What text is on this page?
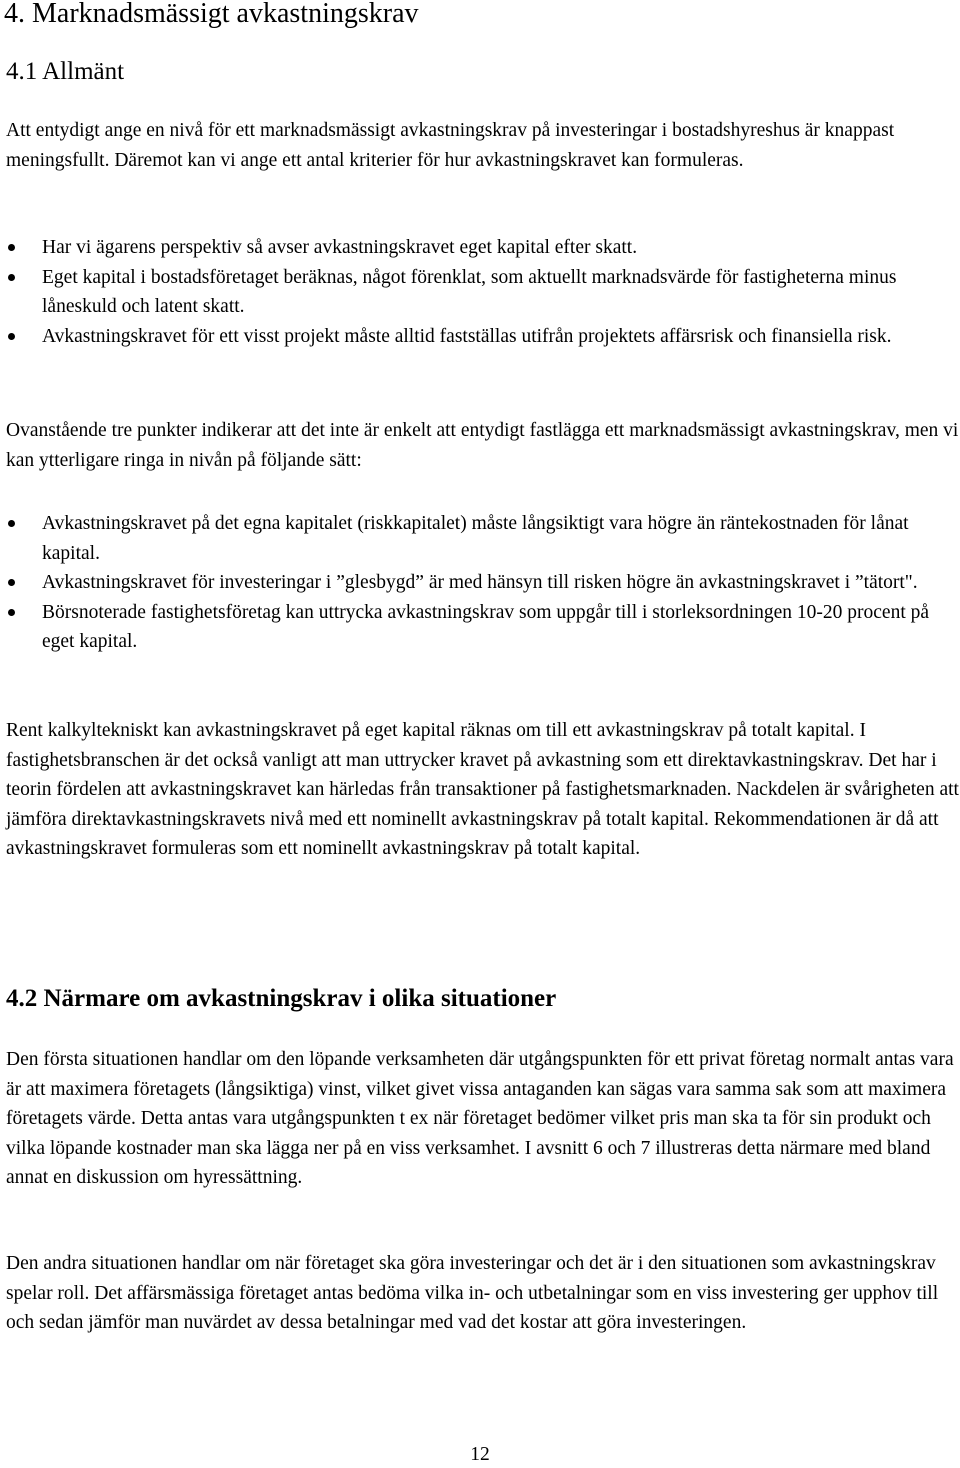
4. Marknadsmässigt avkastningskrav
4.1 Allmänt
Att entydigt ange en nivå för ett marknadsmässigt avkastningskrav på investeringar i bostadshyreshus är knappast meningsfullt. Däremot kan vi ange ett antal kriterier för hur avkastningskravet kan formuleras.
Har vi ägarens perspektiv så avser avkastningskravet eget kapital efter skatt.
Eget kapital i bostadsföretaget beräknas, något förenklat, som aktuellt marknadsvärde för fastigheterna minus låneskuld och latent skatt.
Avkastningskravet för ett visst projekt måste alltid fastställas utifrån projektets affärsrisk och finansiella risk.
Ovanstående tre punkter indikerar att det inte är enkelt att entydigt fastlägga ett marknadsmässigt avkastningskrav, men vi kan ytterligare ringa in nivån på följande sätt:
Avkastningskravet på det egna kapitalet (riskkapitalet) måste långsiktigt vara högre än räntekostnaden för lånat kapital.
Avkastningskravet för investeringar i ”glesbygd” är med hänsyn till risken högre än avkastningskravet i ”tätort".
Börsnoterade fastighetsföretag kan uttrycka avkastningskrav som uppgår till i storleksordningen 10-20 procent på eget kapital.
Rent kalkyltekniskt kan avkastningskravet på eget kapital räknas om till ett avkastningskrav på totalt kapital. I fastighetsbranschen är det också vanligt att man uttrycker kravet på avkastning som ett direktavkastningskrav. Det har i teorin fördelen att avkastningskravet kan härledas från transaktioner på fastighetsmarknaden. Nackdelen är svårigheten att jämföra direktavkastningskravets nivå med ett nominellt avkastningskrav på totalt kapital. Rekommendationen är då att avkastningskravet formuleras som ett nominellt avkastningskrav på totalt kapital.
4.2 Närmare om avkastningskrav i olika situationer
Den första situationen handlar om den löpande verksamheten där utgångspunkten för ett privat företag normalt antas vara är att maximera företagets (långsiktiga) vinst, vilket givet vissa antaganden kan sägas vara samma sak som att maximera företagets värde. Detta antas vara utgångspunkten t ex när företaget bedömer vilket pris man ska ta för sin produkt och vilka löpande kostnader man ska lägga ner på en viss verksamhet. I avsnitt 6 och 7 illustreras detta närmare med bland annat en diskussion om hyressättning.
Den andra situationen handlar om när företaget ska göra investeringar och det är i den situationen som avkastningskrav spelar roll. Det affärsmässiga företaget antas bedöma vilka in- och utbetalningar som en viss investering ger upphov till och sedan jämför man nuvärdet av dessa betalningar med vad det kostar att göra investeringen.
12
